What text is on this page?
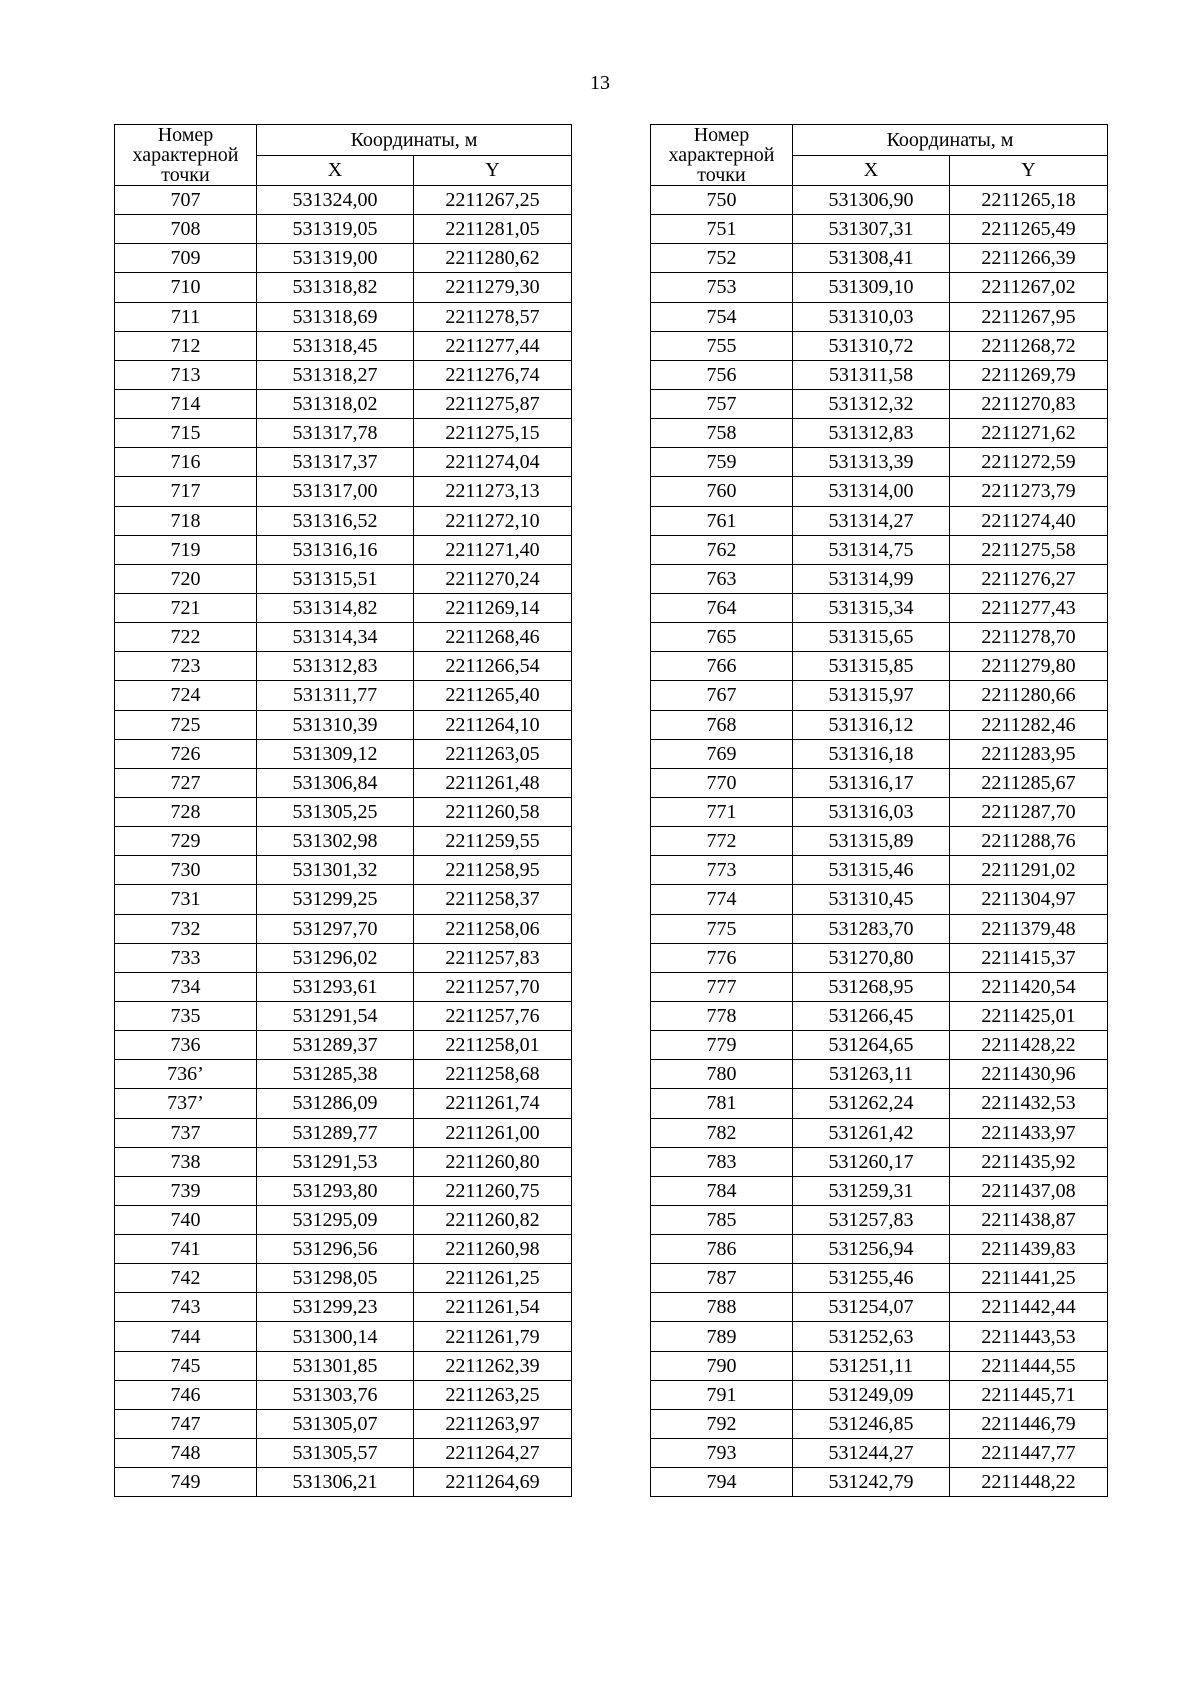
13
Номер
характерной
точки	Координаты, м	
	X	Y
707	531324,00	2211267,25
708	531319,05	2211281,05
709	531319,00	2211280,62
710	531318,82	2211279,30
711	531318,69	2211278,57
712	531318,45	2211277,44
713	531318,27	2211276,74
714	531318,02	2211275,87
715	531317,78	2211275,15
716	531317,37	2211274,04
717	531317,00	2211273,13
718	531316,52	2211272,10
719	531316,16	2211271,40
720	531315,51	2211270,24
721	531314,82	2211269,14
722	531314,34	2211268,46
723	531312,83	2211266,54
724	531311,77	2211265,40
725	531310,39	2211264,10
726	531309,12	2211263,05
727	531306,84	2211261,48
728	531305,25	2211260,58
729	531302,98	2211259,55
730	531301,32	2211258,95
731	531299,25	2211258,37
732	531297,70	2211258,06
733	531296,02	2211257,83
734	531293,61	2211257,70
735	531291,54	2211257,76
736	531289,37	2211258,01
736’	531285,38	2211258,68
737’	531286,09	2211261,74
737	531289,77	2211261,00
738	531291,53	2211260,80
739	531293,80	2211260,75
740	531295,09	2211260,82
741	531296,56	2211260,98
742	531298,05	2211261,25
743	531299,23	2211261,54
744	531300,14	2211261,79
745	531301,85	2211262,39
746	531303,76	2211263,25
747	531305,07	2211263,97
748	531305,57	2211264,27
749	531306,21	2211264,69
Номер
характерной
точки	Координаты, м	
	X	Y
750	531306,90	2211265,18
751	531307,31	2211265,49
752	531308,41	2211266,39
753	531309,10	2211267,02
754	531310,03	2211267,95
755	531310,72	2211268,72
756	531311,58	2211269,79
757	531312,32	2211270,83
758	531312,83	2211271,62
759	531313,39	2211272,59
760	531314,00	2211273,79
761	531314,27	2211274,40
762	531314,75	2211275,58
763	531314,99	2211276,27
764	531315,34	2211277,43
765	531315,65	2211278,70
766	531315,85	2211279,80
767	531315,97	2211280,66
768	531316,12	2211282,46
769	531316,18	2211283,95
770	531316,17	2211285,67
771	531316,03	2211287,70
772	531315,89	2211288,76
773	531315,46	2211291,02
774	531310,45	2211304,97
775	531283,70	2211379,48
776	531270,80	2211415,37
777	531268,95	2211420,54
778	531266,45	2211425,01
779	531264,65	2211428,22
780	531263,11	2211430,96
781	531262,24	2211432,53
782	531261,42	2211433,97
783	531260,17	2211435,92
784	531259,31	2211437,08
785	531257,83	2211438,87
786	531256,94	2211439,83
787	531255,46	2211441,25
788	531254,07	2211442,44
789	531252,63	2211443,53
790	531251,11	2211444,55
791	531249,09	2211445,71
792	531246,85	2211446,79
793	531244,27	2211447,77
794	531242,79	2211448,22
